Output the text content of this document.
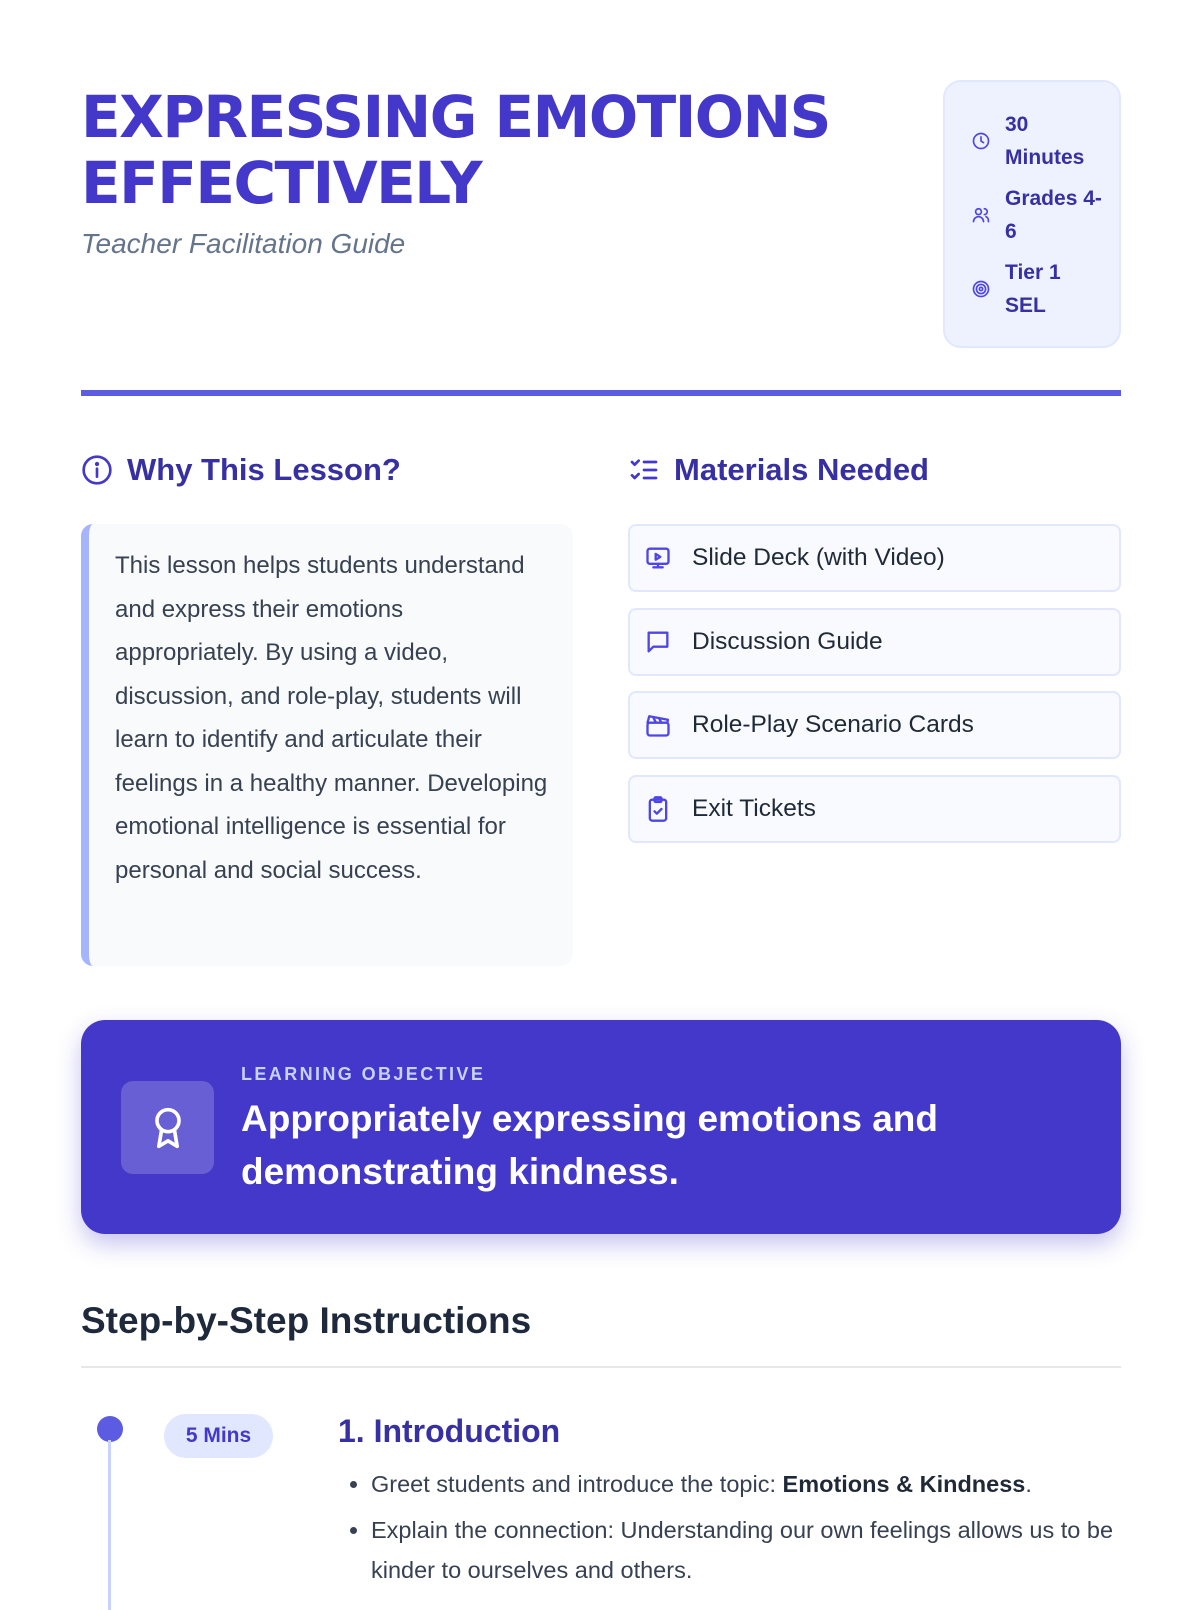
EXPRESSING EMOTIONS EFFECTIVELY
Teacher Facilitation Guide
30 Minutes
Grades 4-6
Tier 1 SEL
Why This Lesson?	Materials Needed

This lesson helps students understand and express their emotions appropriately. By using a video, discussion, and role-play, students will learn to identify and articulate their feelings in a healthy manner. Developing emotional intelligence is essential for personal and social success.

Slide Deck (with Video)
Discussion Guide
Role-Play Scenario Cards
Exit Tickets
LEARNING OBJECTIVE

Appropriately expressing emotions and demonstrating kindness.

Step-by-Step Instructions
5 Mins	1. Introduction
• Greet students and introduce the topic: Emotions & Kindness.
• Explain the connection: Understanding our own feelings allows us to be kinder to ourselves and others.
